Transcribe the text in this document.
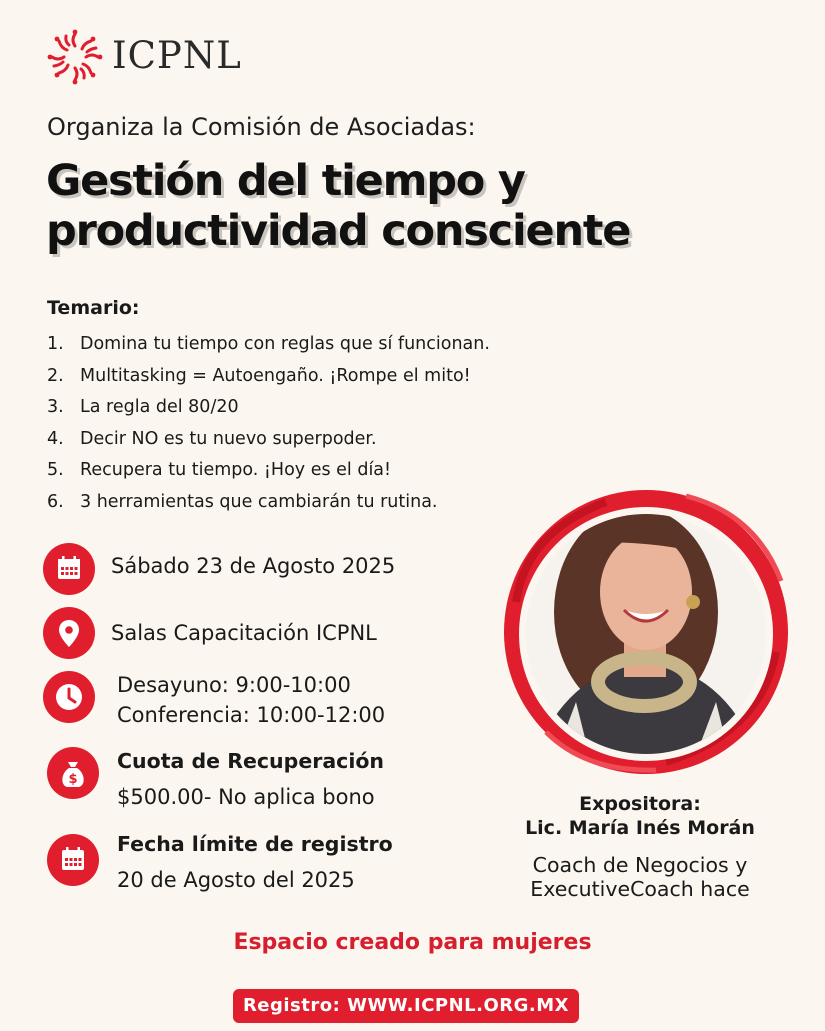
ICPNL
Organiza la Comisión de Asociadas:
Gestión del tiempo y
productividad consciente
Temario:
1. Domina tu tiempo con reglas que sí funcionan.
2. Multitasking = Autoengaño. ¡Rompe el mito!
3. La regla del 80/20
4. Decir NO es tu nuevo superpoder.
5. Recupera tu tiempo. ¡Hoy es el día!
6. 3 herramientas que cambiarán tu rutina.
Sábado 23 de Agosto 2025
Salas Capacitación ICPNL
Desayuno: 9:00-10:00
Conferencia: 10:00-12:00
$
Cuota de Recuperación
$500.00- No aplica bono
Fecha límite de registro
20 de Agosto del 2025
Expositora:
Lic. María Inés Morán
Coach de Negocios y
ExecutiveCoach hace
Espacio creado para mujeres
Registro: WWW.ICPNL.ORG.MX
